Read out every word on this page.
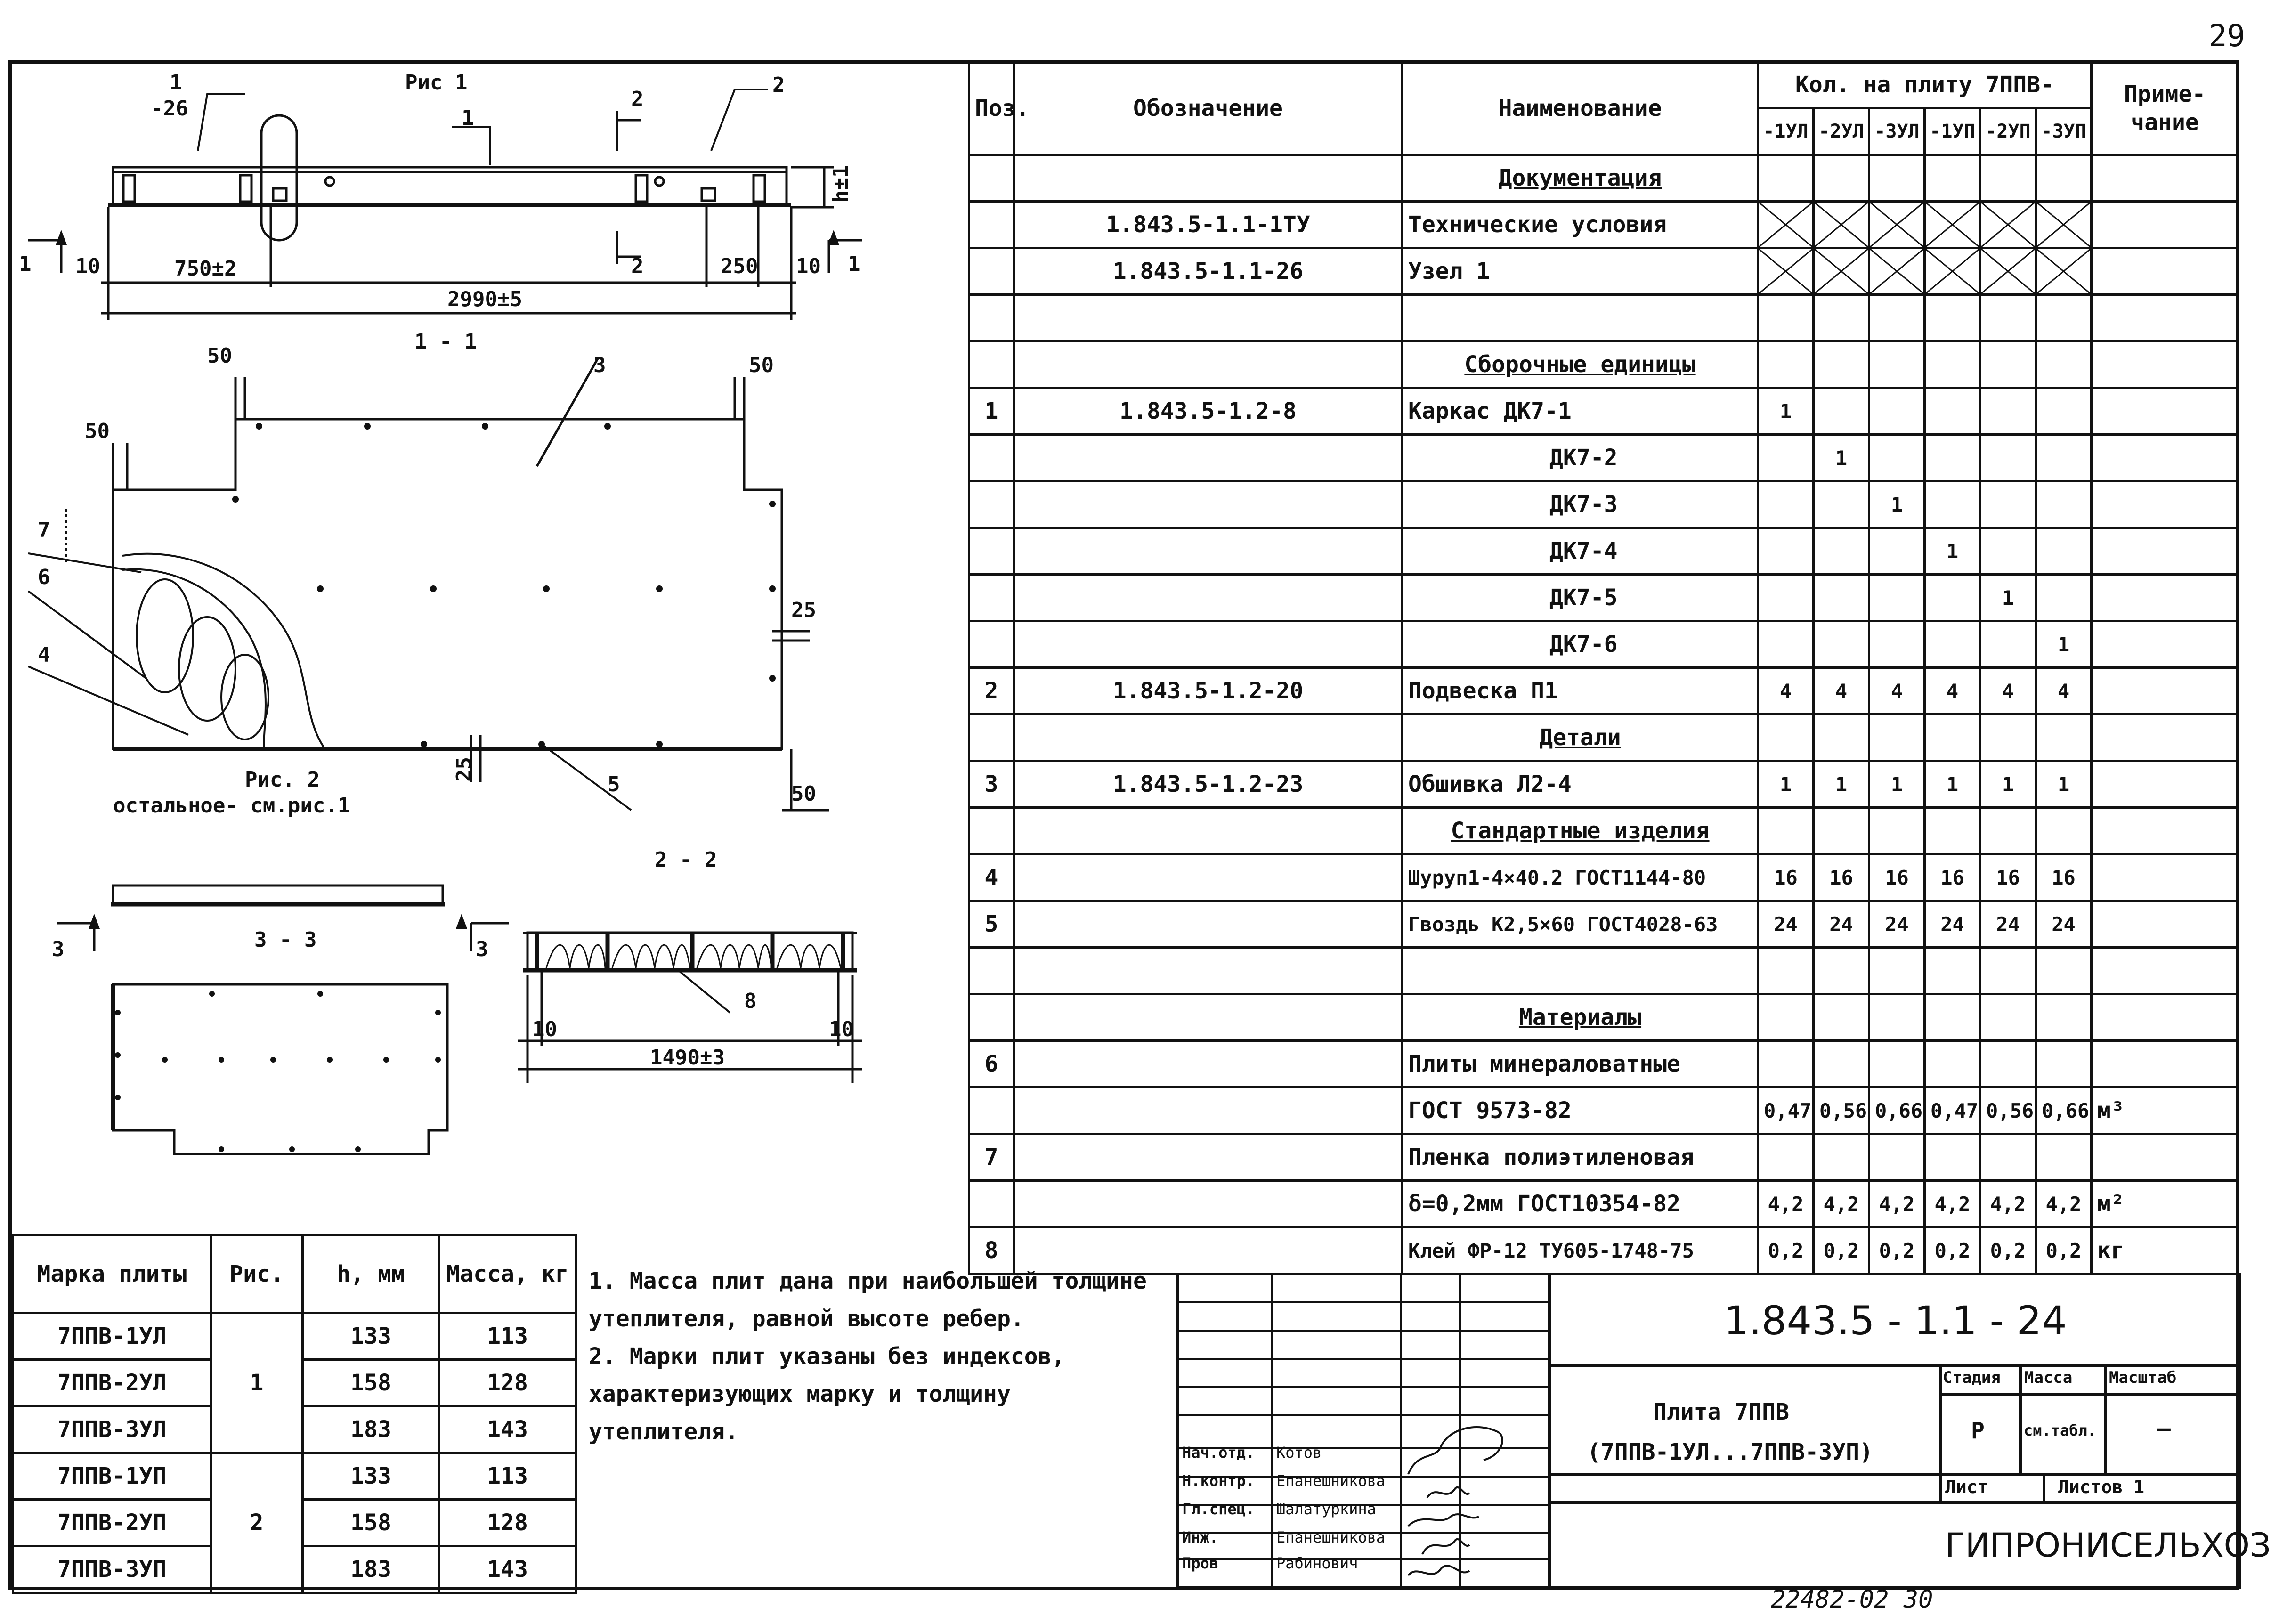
29
Рис 1
1
-26
2
1
2
2
h±1
1	1
10	750±2	250 10
2990±5
1 - 1
50	50
50
3
7
6
4
25
25
5	50
Рис. 2
остальное- см.рис.1
3 - 3
3	3
2 - 2
8
10	10
1490±3
Поз.	Обозначение	Наименование	Кол. на плиту 7ППВ-						Приме- чание
			-1УЛ	-2УЛ	-3УЛ	-1УП	-2УП	-3УП	
		Документация							
	1.843.5-1.1-1ТУ	Технические условия	

	1.843.5-1.1-26	Узел 1	

		Сборочные единицы							
1	1.843.5-1.2-8	Каркас ДК7-1	1						
		ДК7-2		1					
		ДК7-3			1				
		ДК7-4				1			
		ДК7-5					1		
		ДК7-6						1	
2	1.843.5-1.2-20	Подвеска П1	4	4	4	4	4	4	
		Детали							
3	1.843.5-1.2-23	Обшивка Л2-4	1	1	1	1	1	1	
		Стандартные изделия							
4		Шуруп1-4×40.2 ГОСТ1144-80	16	16	16	16	16	16	
5		Гвоздь К2,5×60 ГОСТ4028-63	24	24	24	24	24	24	

		Материалы							
6		Плиты минераловатные							
		ГОСТ 9573-82	0,47	0,56	0,66	0,47	0,56	0,66	м³
7		Пленка полиэтиленовая							
		δ=0,2мм ГОСТ10354-82	4,2	4,2	4,2	4,2	4,2	4,2	м²
8		Клей ФР-12 ТУ605-1748-75	0,2	0,2	0,2	0,2	0,2	0,2	кг
Марка плиты	Рис.	h, мм	Масса, кг
7ППВ-1УЛ	1	133	113
7ППВ-2УЛ		158	128
7ППВ-3УЛ		183	143
7ППВ-1УП	2	133	113
7ППВ-2УП		158	128
7ППВ-3УП		183	143

1. Масса плит дана при наибольшей толщине утеплителя, равной высоте ребер.

2. Марки плит указаны без индексов, характеризующих марку и толщину утеплителя.

1.843.5 - 1.1 - 24
Плита 7ППВ
(7ППВ-1УЛ...7ППВ-3УП)
Стадия Масса Масштаб
Р	см.табл.	—
Лист	Листов 1
ГИПРОНИСЕЛЬХОЗ
Нач.отд. Котов
Н.контр. Епанешникова
Гл.спец. Шалатуркина
Инж.	Епанешникова
Пров	Рабинович
22482-02 30
